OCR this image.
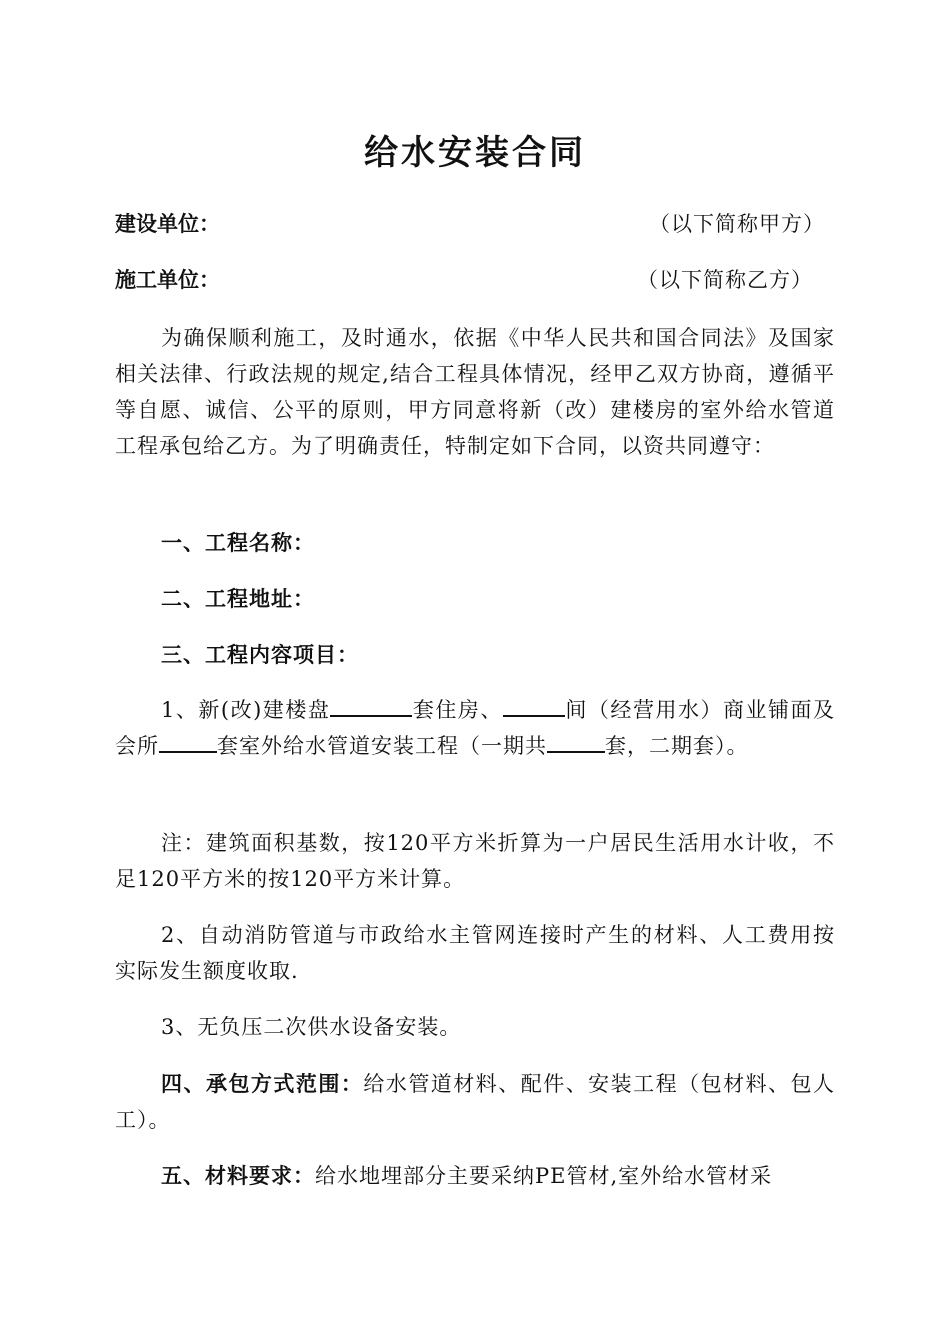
给水安装合同
建设单位：	（以下简称甲方）
施工单位：	（以下简称乙方）

为确保顺利施工，及时通水，依据《中华人民共和国合同法》及国家相关法律、行政法规的规定,结合工程具体情况，经甲乙双方协商，遵循平等自愿、诚信、公平的原则，甲方同意将新（改）建楼房的室外给水管道工程承包给乙方。为了明确责任，特制定如下合同，以资共同遵守：

一、工程名称：

二、工程地址：

三、工程内容项目：

1、新(改)建楼盘	套住房、	间（经营用水）商业铺面及会所	套室外给水管道安装工程（一期共	套，二期套）。

注：建筑面积基数，按120平方米折算为一户居民生活用水计收，不足120平方米的按120平方米计算。

2、自动消防管道与市政给水主管网连接时产生的材料、人工费用按实际发生额度收取.

3、无负压二次供水设备安装。

四、承包方式范围：给水管道材料、配件、安装工程（包材料、包人工）。

五、材料要求：给水地埋部分主要采纳PE管材,室外给水管材采
